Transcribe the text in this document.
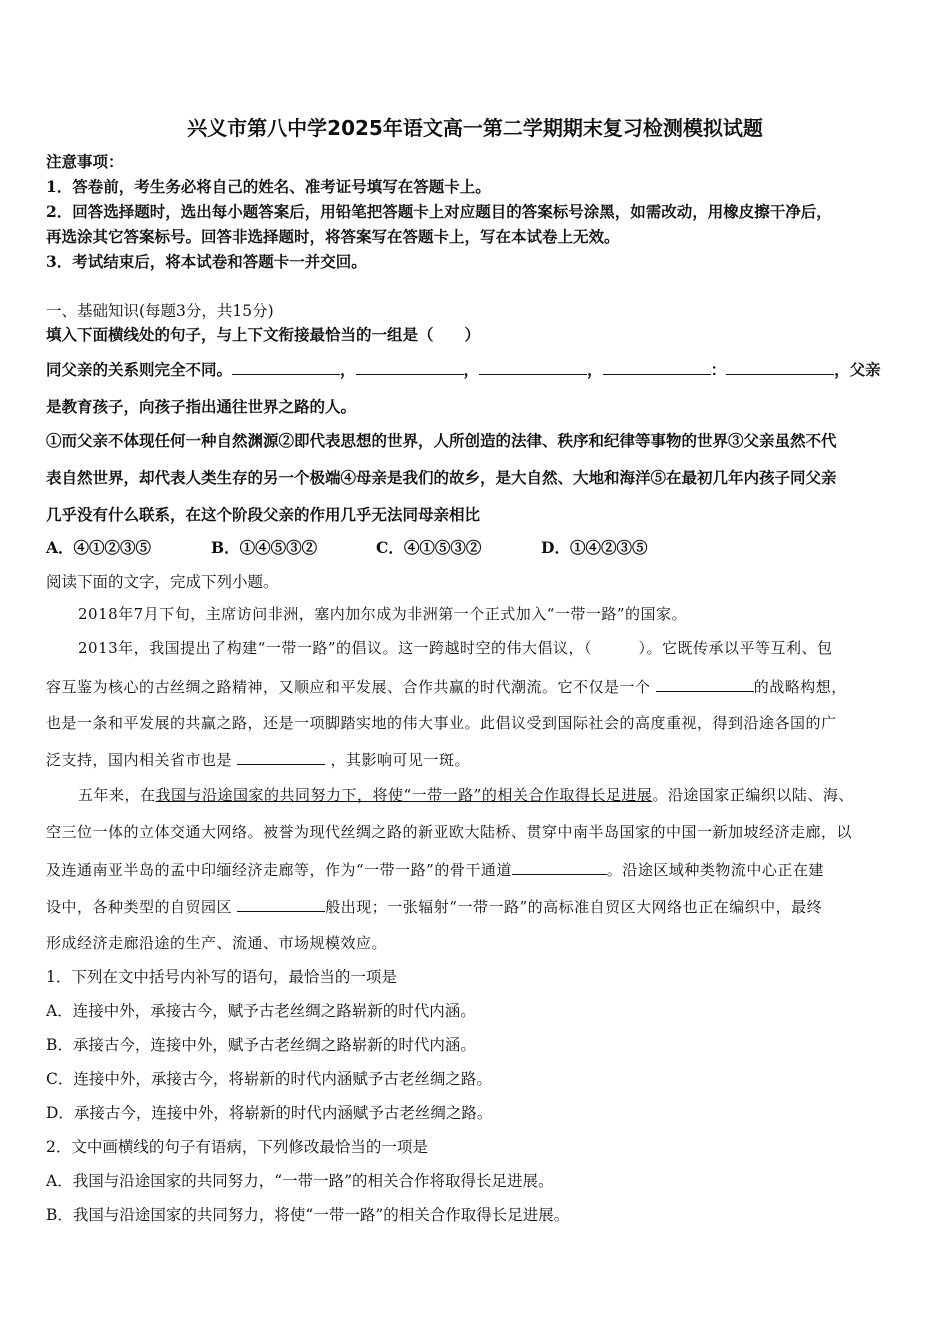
兴义市第八中学2025年语文高一第二学期期末复习检测模拟试题
注意事项：
1．答卷前，考生务必将自己的姓名、准考证号填写在答题卡上。
2．回答选择题时，选出每小题答案后，用铅笔把答题卡上对应题目的答案标号涂黑，如需改动，用橡皮擦干净后，
再选涂其它答案标号。回答非选择题时，将答案写在答题卡上，写在本试卷上无效。
3．考试结束后，将本试卷和答题卡一并交回。
一、基础知识(每题3分，共15分)
填入下面横线处的句子，与上下文衔接最恰当的一组是（　　）
同父亲的关系则完全不同。	，	，	，	：	，父亲
是教育孩子，向孩子指出通往世界之路的人。
①而父亲不体现任何一种自然渊源②即代表思想的世界，人所创造的法律、秩序和纪律等事物的世界③父亲虽然不代
表自然世界，却代表人类生存的另一个极端④母亲是我们的故乡，是大自然、大地和海洋⑤在最初几年内孩子同父亲
几乎没有什么联系，在这个阶段父亲的作用几乎无法同母亲相比
A．④①②③⑤	B．①④⑤③②	C．④①⑤③②	D．①④②③⑤
阅读下面的文字，完成下列小题。
2018年7月下旬，主席访问非洲，塞内加尔成为非洲第一个正式加入“一带一路”的国家。
2013年，我国提出了构建“一带一路”的倡议。这一跨越时空的伟大倡议，（　　　）。它既传承以平等互利、包
容互鉴为核心的古丝绸之路精神，又顺应和平发展、合作共赢的时代潮流。它不仅是一个	的战略构想，
也是一条和平发展的共赢之路，还是一项脚踏实地的伟大事业。此倡议受到国际社会的高度重视，得到沿途各国的广
泛支持，国内相关省市也是	，其影响可见一斑。
五年来，在我国与沿途国家的共同努力下，将使“一带一路”的相关合作取得长足进展。沿途国家正编织以陆、海、
空三位一体的立体交通大网络。被誉为现代丝绸之路的新亚欧大陆桥、贯穿中南半岛国家的中国一新加坡经济走廊，以
及连通南亚半岛的孟中印缅经济走廊等，作为“一带一路”的骨干通道	。沿途区域种类物流中心正在建
设中，各种类型的自贸园区	般出现；一张辐射“一带一路”的高标准自贸区大网络也正在编织中，最终
形成经济走廊沿途的生产、流通、市场规模效应。
1．下列在文中括号内补写的语句，最恰当的一项是
A．连接中外，承接古今，赋予古老丝绸之路崭新的时代内涵。
B．承接古今，连接中外，赋予古老丝绸之路崭新的时代内涵。
C．连接中外，承接古今，将崭新的时代内涵赋予古老丝绸之路。
D．承接古今，连接中外，将崭新的时代内涵赋予古老丝绸之路。
2．文中画横线的句子有语病，下列修改最恰当的一项是
A．我国与沿途国家的共同努力，“一带一路”的相关合作将取得长足进展。
B．我国与沿途国家的共同努力，将使“一带一路”的相关合作取得长足进展。
